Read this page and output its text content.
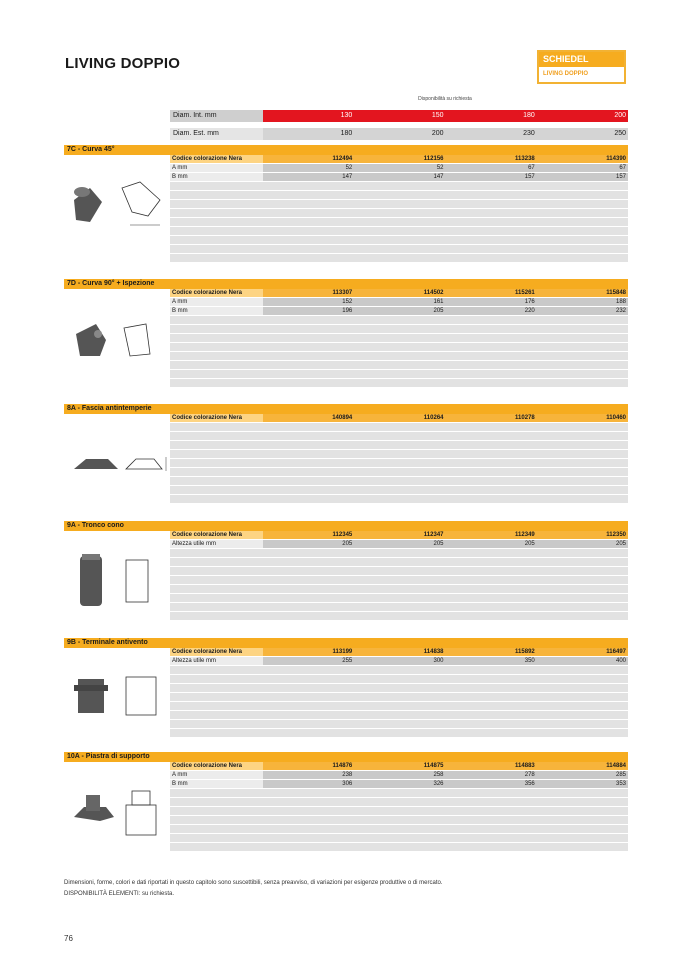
LIVING DOPPIO	SCHIEDEL
LIVING DOPPIO
Disponibilità su richiesta
Diam. Int. mm	130	150	180	200
Diam. Est. mm	180	200	230	250
7C - Curva 45°
Codice colorazione Nera	112494	112156	113238	114390
A mm	52	52	67	67
B mm	147	147	157	157
7D - Curva 90° + Ispezione
Codice colorazione Nera	113307	114502	115261	115848
A mm	152	161	176	188
B mm	196	205	220	232
8A - Fascia antintemperie
Codice colorazione Nera	140894	110264	110278	110460
9A - Tronco cono
Codice colorazione Nera	112345	112347	112349	112350
Altezza utile mm	205	205	205	205
9B - Terminale antivento
Codice colorazione Nera	113199	114838	115892	116497
Altezza utile mm	255	300	350	400
10A - Piastra di supporto
Codice colorazione Nera	114876	114875	114883	114884
A mm	238	258	278	285
B mm	306	326	356	353
Dimensioni, forme, colori e dati riportati in questo capitolo sono suscettibili, senza preavviso, di variazioni per esigenze produttive o di mercato.
DISPONIBILITÀ ELEMENTI: su richiesta.
76
